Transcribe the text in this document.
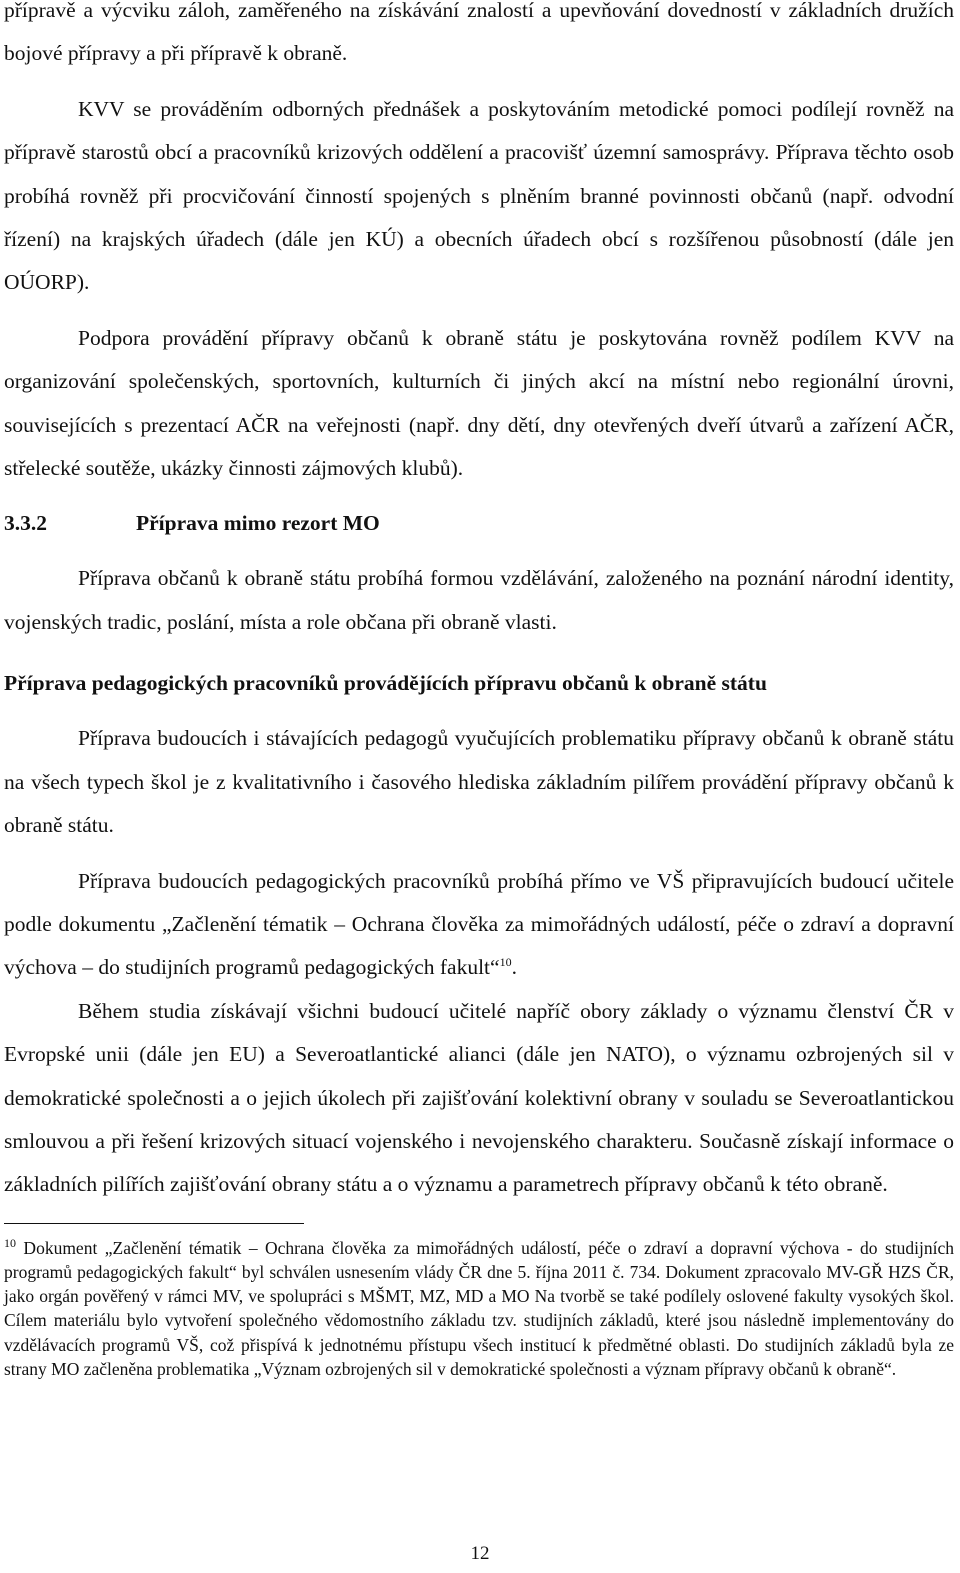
přípravě a výcviku záloh, zaměřeného na získávání znalostí a upevňování dovedností v základních družích bojové přípravy a při přípravě k obraně.

KVV se prováděním odborných přednášek a poskytováním metodické pomoci podílejí rovněž na přípravě starostů obcí a pracovníků krizových oddělení a pracovišť územní samosprávy. Příprava těchto osob probíhá rovněž při procvičování činností spojených s plněním branné povinnosti občanů (např. odvodní řízení) na krajských úřadech (dále jen KÚ) a obecních úřadech obcí s rozšířenou působností (dále jen OÚORP).

Podpora provádění přípravy občanů k obraně státu je poskytována rovněž podílem KVV na organizování společenských, sportovních, kulturních či jiných akcí na místní nebo regionální úrovni, souvisejících s prezentací AČR na veřejnosti (např. dny dětí, dny otevřených dveří útvarů a zařízení AČR, střelecké soutěže, ukázky činnosti zájmových klubů).

3.3.2	Příprava mimo rezort MO

Příprava občanů k obraně státu probíhá formou vzdělávání, založeného na poznání národní identity, vojenských tradic, poslání, místa a role občana při obraně vlasti.

Příprava pedagogických pracovníků provádějících přípravu občanů k obraně státu

Příprava budoucích i stávajících pedagogů vyučujících problematiku přípravy občanů k obraně státu na všech typech škol je z kvalitativního i časového hlediska základním pilířem provádění přípravy občanů k obraně státu.

Příprava budoucích pedagogických pracovníků probíhá přímo ve VŠ připravujících budoucí učitele podle dokumentu „Začlenění tématik – Ochrana člověka za mimořádných událostí, péče o zdraví a dopravní výchova – do studijních programů pedagogických fakult“$^{10}$.

Během studia získávají všichni budoucí učitelé napříč obory základy o významu členství ČR v Evropské unii (dále jen EU) a Severoatlantické alianci (dále jen NATO), o významu ozbrojených sil v demokratické společnosti a o jejich úkolech při zajišťování kolektivní obrany v souladu se Severoatlantickou smlouvou a při řešení krizových situací vojenského i nevojenského charakteru. Současně získají informace o základních pilířích zajišťování obrany státu a o významu a parametrech přípravy občanů k této obraně.

$^{10}$ Dokument „Začlenění tématik – Ochrana člověka za mimořádných událostí, péče o zdraví a dopravní výchova - do studijních programů pedagogických fakult“ byl schválen usnesením vlády ČR dne 5. října 2011 č. 734. Dokument zpracovalo MV-GŘ HZS ČR, jako orgán pověřený v rámci MV, ve spolupráci s MŠMT, MZ, MD a MO Na tvorbě se také podílely oslovené fakulty vysokých škol. Cílem materiálu bylo vytvoření společného vědomostního základu tzv. studijních základů, které jsou následně implementovány do vzdělávacích programů VŠ, což přispívá k jednotnému přístupu všech institucí k předmětné oblasti. Do studijních základů byla ze strany MO začleněna problematika „Význam ozbrojených sil v demokratické společnosti a význam přípravy občanů k obraně“.

12
